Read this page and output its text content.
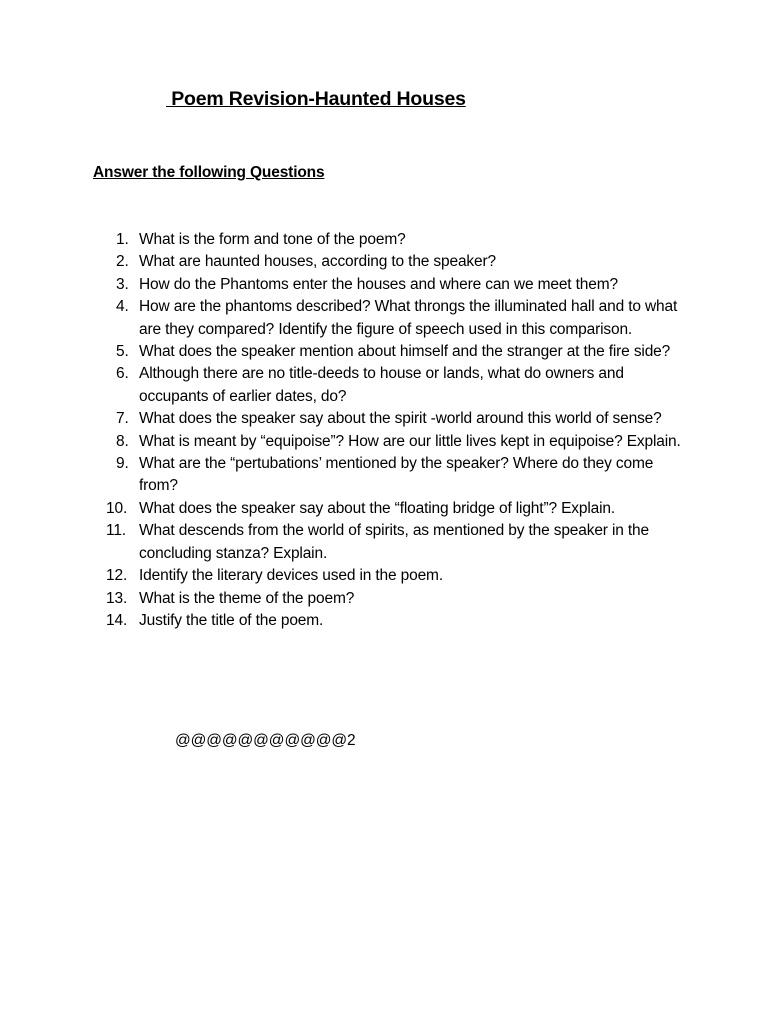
Poem Revision-Haunted Houses
Answer the following Questions
1. What is the form and tone of the poem?
2. What are haunted houses, according to the speaker?
3. How do the Phantoms enter the houses and where can we meet them?
4. How are the phantoms described? What throngs the illuminated hall and to what are they compared? Identify the figure of speech used in this comparison.
5. What does the speaker mention about himself and the stranger at the fire side?
6. Although there are no title-deeds to house or lands, what do owners and occupants of earlier dates, do?
7. What does the speaker say about the spirit -world around this world of sense?
8. What is meant by “equipoise”? How are our little lives kept in equipoise? Explain.
9. What are the “pertubations’ mentioned by the speaker? Where do they come from?
10. What does the speaker say about the “floating bridge of light”? Explain.
11. What descends from the world of spirits, as mentioned by the speaker in the concluding stanza? Explain.
12. Identify the literary devices used in the poem.
13. What is the theme of the poem?
14. Justify the title of the poem.
@@@@@@@@@@@2
